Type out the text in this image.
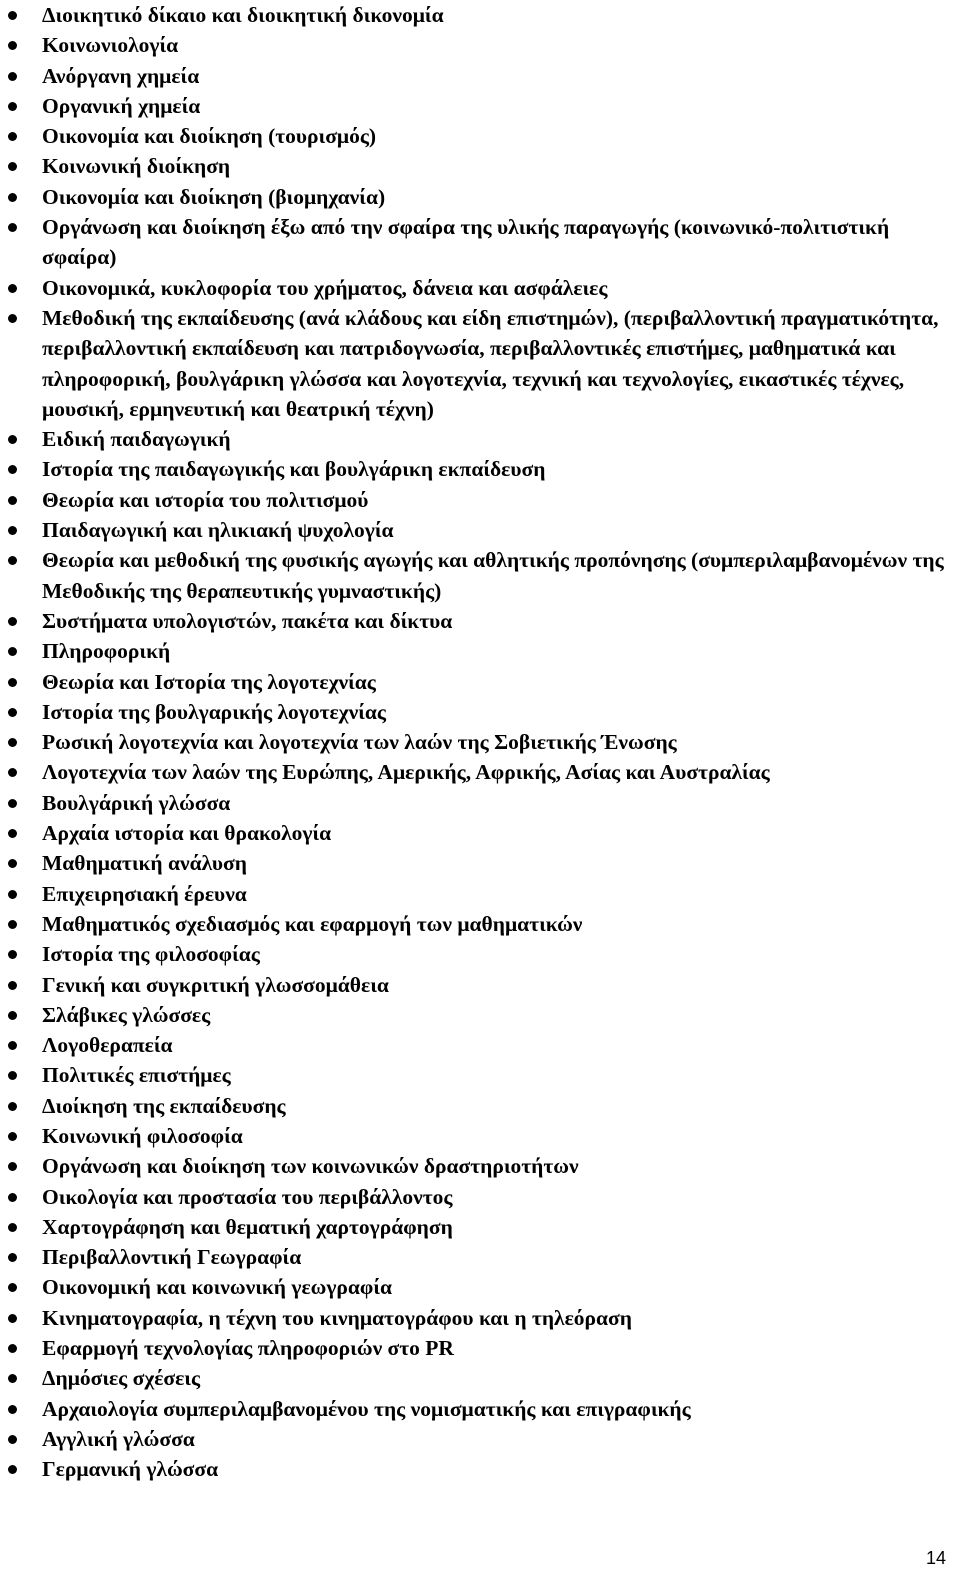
Διοικητικό δίκαιο και διοικητική δικονομία
Κοινωνιολογία
Ανόργανη χημεία
Οργανική χημεία
Οικονομία και διοίκηση (τουρισμός)
Κοινωνική διοίκηση
Οικονομία και διοίκηση (βιομηχανία)
Οργάνωση και διοίκηση έξω από την σφαίρα της υλικής παραγωγής (κοινωνικό-πολιτιστική σφαίρα)
Οικονομικά, κυκλοφορία του χρήματος, δάνεια και ασφάλειες
Μεθοδική της εκπαίδευσης (ανά κλάδους και είδη επιστημών), (περιβαλλοντική πραγματικότητα, περιβαλλοντική εκπαίδευση και πατριδογνωσία, περιβαλλοντικές επιστήμες, μαθηματικά και πληροφορική, βουλγάρικη γλώσσα και λογοτεχνία, τεχνική και τεχνολογίες, εικαστικές τέχνες, μουσική, ερμηνευτική και θεατρική τέχνη)
Ειδική παιδαγωγική
Ιστορία της παιδαγωγικής και βουλγάρικη εκπαίδευση
Θεωρία και ιστορία του πολιτισμού
Παιδαγωγική και ηλικιακή ψυχολογία
Θεωρία και μεθοδική της φυσικής αγωγής και αθλητικής προπόνησης (συμπεριλαμβανομένων της Μεθοδικής της θεραπευτικής γυμναστικής)
Συστήματα υπολογιστών, πακέτα και δίκτυα
Πληροφορική
Θεωρία και Ιστορία της λογοτεχνίας
Ιστορία της βουλγαρικής λογοτεχνίας
Ρωσική λογοτεχνία και λογοτεχνία των λαών της Σοβιετικής Ένωσης
Λογοτεχνία των λαών της Ευρώπης, Αμερικής, Αφρικής, Ασίας και Αυστραλίας
Βουλγάρική γλώσσα
Αρχαία ιστορία και θρακολογία
Μαθηματική ανάλυση
Επιχειρησιακή έρευνα
Μαθηματικός σχεδιασμός και εφαρμογή των μαθηματικών
Ιστορία της φιλοσοφίας
Γενική και συγκριτική γλωσσομάθεια
Σλάβικες γλώσσες
Λογοθεραπεία
Πολιτικές επιστήμες
Διοίκηση της εκπαίδευσης
Κοινωνική φιλοσοφία
Οργάνωση και διοίκηση των κοινωνικών δραστηριοτήτων
Οικολογία και προστασία του περιβάλλοντος
Χαρτογράφηση και θεματική χαρτογράφηση
Περιβαλλοντική Γεωγραφία
Οικονομική και κοινωνική γεωγραφία
Κινηματογραφία, η τέχνη του κινηματογράφου και η τηλεόραση
Εφαρμογή τεχνολογίας πληροφοριών στο PR
Δημόσιες σχέσεις
Αρχαιολογία συμπεριλαμβανομένου της νομισματικής και επιγραφικής
Αγγλική γλώσσα
Γερμανική γλώσσα
14
